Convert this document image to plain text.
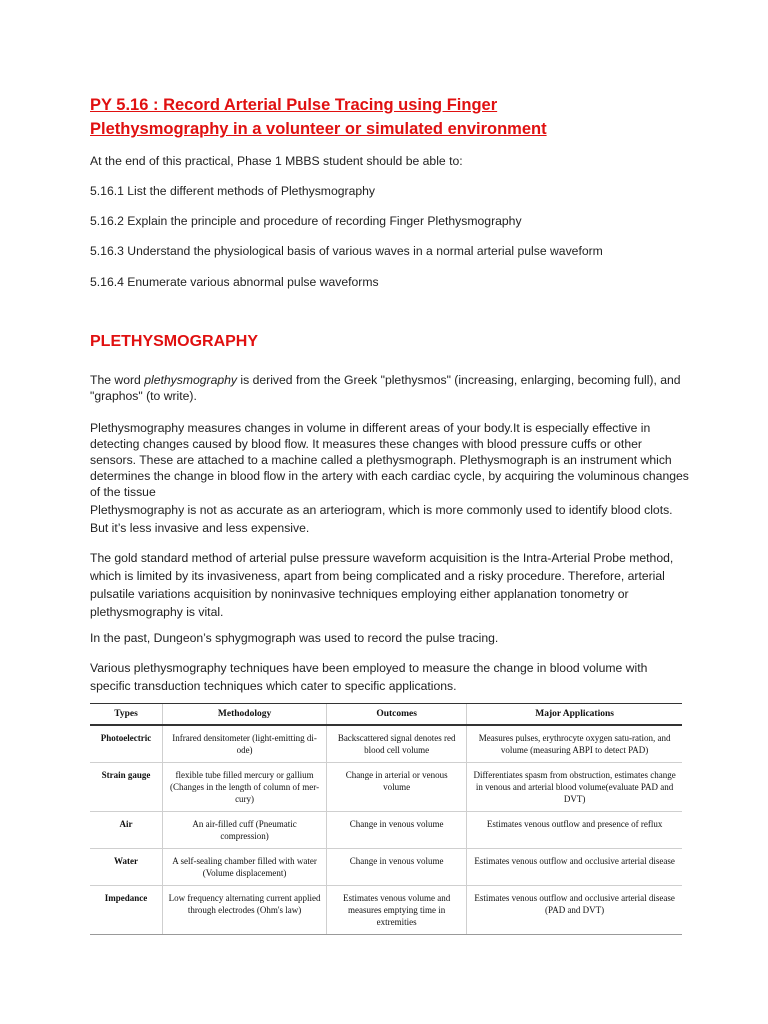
PY 5.16 : Record Arterial Pulse Tracing using Finger
Plethysmography in a volunteer or simulated environment

At the end of this practical, Phase 1 MBBS student should be able to:

5.16.1 List the different methods of Plethysmography

5.16.2 Explain the principle and procedure of recording Finger Plethysmography

5.16.3 Understand the physiological basis of various waves in a normal arterial pulse waveform

5.16.4 Enumerate various abnormal pulse waveforms

PLETHYSMOGRAPHY

The word plethysmography is derived from the Greek "plethysmos" (increasing, enlarging, becoming full), and "graphos" (to write).

Plethysmography measures changes in volume in different areas of your body.It is especially effective in detecting changes caused by blood flow. It measures these changes with blood pressure cuffs or other sensors. These are attached to a machine called a plethysmograph. Plethysmograph is an instrument which determines the change in blood flow in the artery with each cardiac cycle, by acquiring the voluminous changes of the tissue

Plethysmography is not as accurate as an arteriogram, which is more commonly used to identify blood clots. But it’s less invasive and less expensive.

The gold standard method of arterial pulse pressure waveform acquisition is the Intra-Arterial Probe method, which is limited by its invasiveness, apart from being complicated and a risky procedure. Therefore, arterial pulsatile variations acquisition by noninvasive techniques employing either applanation tonometry or plethysmography is vital.

In the past, Dungeon’s sphygmograph was used to record the pulse tracing.

Various plethysmography techniques have been employed to measure the change in blood volume with specific transduction techniques which cater to specific applications.

Types	Methodology	Outcomes	Major Applications
Photoelectric	Infrared densitometer (light-emitting di-ode)	Backscattered signal denotes red blood cell volume	Measures pulses, erythrocyte oxygen satu-ration, and volume (measuring ABPI to detect PAD)
Strain gauge	flexible tube filled mercury or gallium (Changes in the length of column of mer-cury)	Change in arterial or venous volume	Differentiates spasm from obstruction, estimates change in venous and arterial blood volume(evaluate PAD and DVT)
Air	An air-filled cuff (Pneumatic compression)	Change in venous volume	Estimates venous outflow and presence of reflux
Water	A self-sealing chamber filled with water (Volume displacement)	Change in venous volume	Estimates venous outflow and occlusive arterial disease
Impedance	Low frequency alternating current applied through electrodes (Ohm's law)	Estimates venous volume and measures emptying time in extremities	Estimates venous outflow and occlusive arterial disease (PAD and DVT)
